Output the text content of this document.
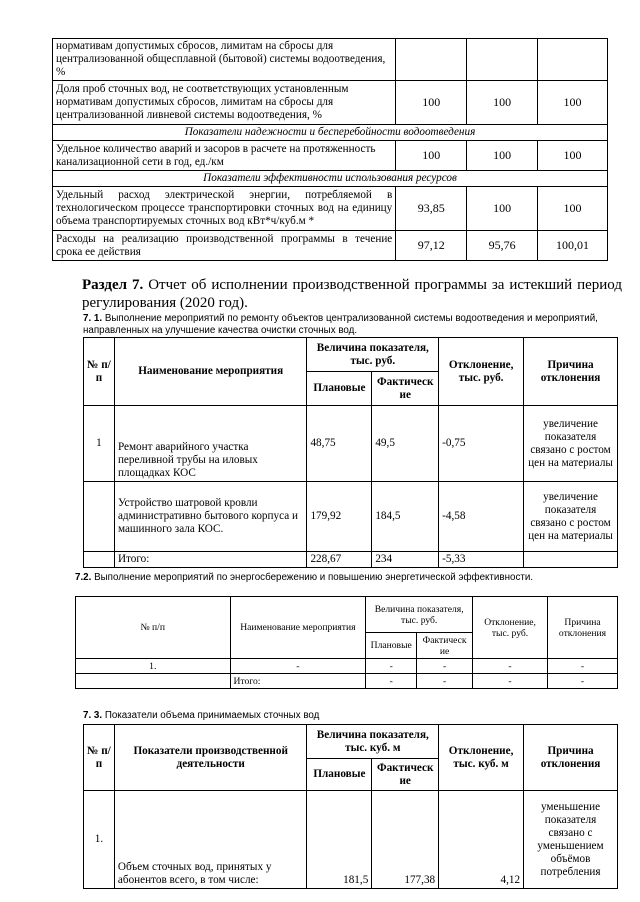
нормативам допустимых сбросов, лимитам на сбросы для централизованной общесплавной (бытовой) системы водоотведения, %			
Доля проб сточных вод, не соответствующих установленным нормативам допустимых сбросов, лимитам на сбросы для централизованной ливневой системы водоотведения, %	100	100	100
Показатели надежности и бесперебойности водоотведения			
Удельное количество аварий и засоров в расчете на протяженность канализационной сети в год, ед./км	100	100	100
Показатели эффективности использования ресурсов			
Удельный расход электрической энергии, потребляемой в технологическом процессе транспортировки сточных вод на единицу объема транспортируемых сточных вод кВт*ч/куб.м *	93,85	100	100
Расходы на реализацию производственной программы в течение срока ее действия	97,12	95,76	100,01
Раздел 7. Отчет об исполнении производственной программы за истекший период регулирования (2020 год).
7. 1. Выполнение мероприятий по ремонту объектов централизованной системы водоотведения и мероприятий, направленных на улучшение качества очистки сточных вод.
№ п/п	Наименование мероприятия	Величина показателя, тыс. руб.		Отклонение, тыс. руб.	Причина отклонения
		Плановые	Фактические		
1	Ремонт аварийного участка переливной трубы на иловых площадках КОС	48,75	49,5	-0,75	увеличение показателя связано с ростом цен на материалы
	Устройство шатровой кровли административно бытового корпуса и машинного зала КОС.	179,92	184,5	-4,58	увеличение показателя связано с ростом цен на материалы
	Итого:	228,67	234	-5,33	
7.2. Выполнение мероприятий по энергосбережению и повышению энергетической эффективности.
№ п/п	Наименование мероприятия	Величина показателя, тыс. руб.		Отклонение, тыс. руб.	Причина отклонения
		Плановые	Фактические		
1.	-	-	-	-	-
	Итого:	-	-	-	-
7. 3. Показатели объема принимаемых сточных вод
№ п/п	Показатели производственной деятельности	Величина показателя, тыс. куб. м		Отклонение, тыс. куб. м	Причина отклонения
		Плановые	Фактические		
1.	Объем сточных вод, принятых у абонентов всего, в том числе:	181,5	177,38	4,12	уменьшение показателя связано с уменьшением объёмов потребления
